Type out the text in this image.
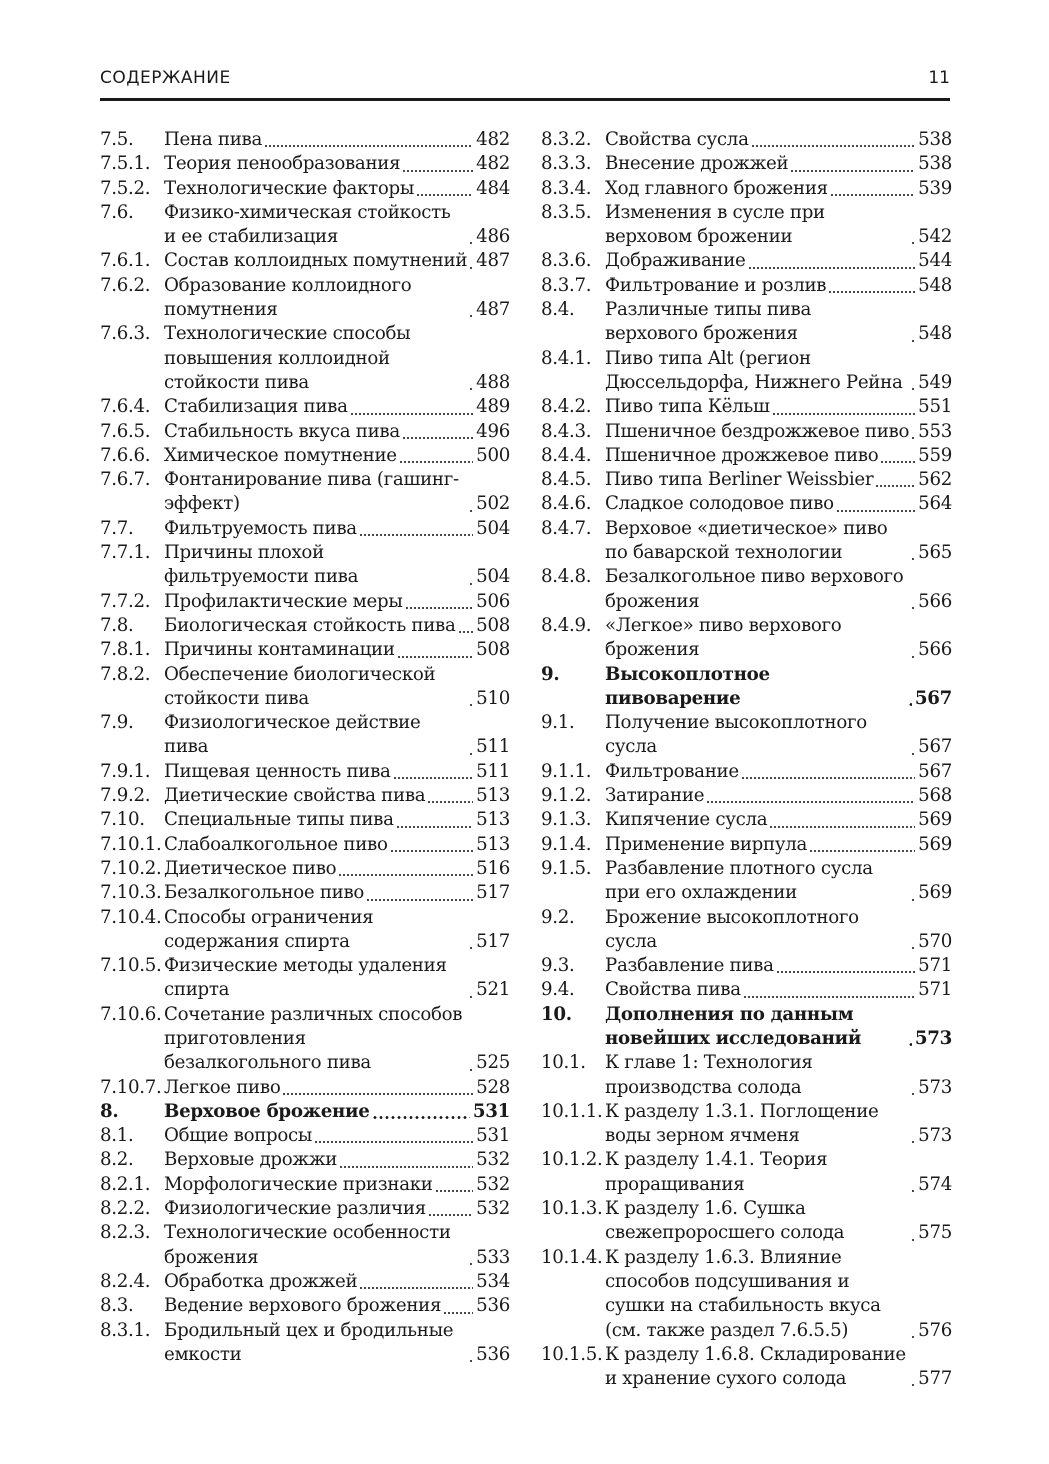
СОДЕРЖАНИЕ	11
7.5.	Пена пива	482
7.5.1. Теория пенообразования	482
7.5.2. Технологические факторы	484
7.6.	Физико-химическая стойкость и ее стабилизация	486
7.6.1. Состав коллоидных помутнений 487
7.6.2. Образование коллоидного помутнения	487
7.6.3. Технологические способы повышения коллоидной стойкости пива	488
7.6.4. Стабилизация пива	489
7.6.5. Стабильность вкуса пива	496
7.6.6. Химическое помутнение	500
7.6.7. Фонтанирование пива (гашинг-эффект)	502
7.7.	Фильтруемость пива	504
7.7.1. Причины плохой фильтруемости пива	504
7.7.2. Профилактические меры	506
7.8.	Биологическая стойкость пива 508
7.8.1. Причины контаминации	508
7.8.2. Обеспечение биологической стойкости пива	510
7.9.	Физиологическое действие пива	511
7.9.1. Пищевая ценность пива	511
7.9.2. Диетические свойства пива	513
7.10.	Специальные типы пива	513
7.10.1. Слабоалкогольное пиво	513
7.10.2. Диетическое пиво	516
7.10.3. Безалкогольное пиво	517
7.10.4. Способы ограничения содержания спирта	517
7.10.5. Физические методы удаления спирта	521
7.10.6. Сочетание различных способов приготовления безалкогольного пива	525
7.10.7. Легкое пиво	528
8.	Верховое брожение	531
8.1.	Общие вопросы	531
8.2.	Верховые дрожжи	532
8.2.1. Морфологические признаки 532
8.2.2. Физиологические различия	532
8.2.3. Технологические особенности брожения	533
8.2.4. Обработка дрожжей	534
8.3.	Ведение верхового брожения 536
8.3.1. Бродильный цех и бродильные емкости	536
8.3.2. Свойства сусла	538
8.3.3. Внесение дрожжей	538
8.3.4. Ход главного брожения	539
8.3.5. Изменения в сусле при верховом брожении	542
8.3.6. Дображивание	544
8.3.7. Фильтрование и розлив	548
8.4.	Различные типы пива верхового брожения	548
8.4.1. Пиво типа Alt (регион Дюссельдорфа, Нижнего Рейна 549
8.4.2. Пиво типа Кёльш	551
8.4.3. Пшеничное бездрожжевое пиво 553
8.4.4. Пшеничное дрожжевое пиво 559
8.4.5. Пиво типа Berliner Weissbier 562
8.4.6. Сладкое солодовое пиво	564
8.4.7. Верховое «диетическое» пиво по баварской технологии	565
8.4.8. Безалкогольное пиво верхового брожения	566
8.4.9. «Легкое» пиво верхового брожения	566
9.	Высокоплотное пивоварение	567
9.1.	Получение высокоплотного сусла	567
9.1.1. Фильтрование	567
9.1.2. Затирание	568
9.1.3. Кипячение сусла	569
9.1.4. Применение вирпула	569
9.1.5. Разбавление плотного сусла при его охлаждении	569
9.2.	Брожение высокоплотного сусла	570
9.3.	Разбавление пива	571
9.4.	Свойства пива	571
10.	Дополнения по данным новейших исследований	573
10.1.	К главе 1: Технология производства солода	573
10.1.1. К разделу 1.3.1. Поглощение воды зерном ячменя	573
10.1.2. К разделу 1.4.1. Теория проращивания	574
10.1.3. К разделу 1.6. Сушка свежепроросшего солода	575
10.1.4. К разделу 1.6.3. Влияние способов подсушивания и сушки на стабильность вкуса (см. также раздел 7.6.5.5)	576
10.1.5. К разделу 1.6.8. Складирование и хранение сухого солода	577
